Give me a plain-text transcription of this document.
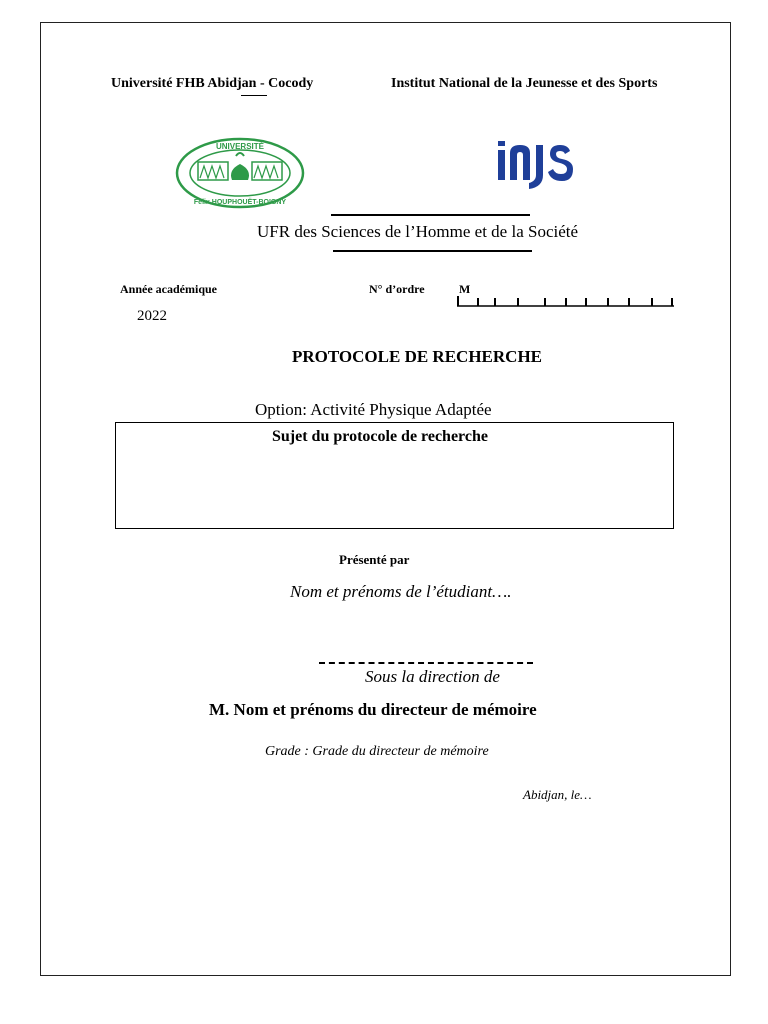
Université FHB Abidjan - Cocody	Institut National de la Jeunesse et des Sports
UNIVERSITÉ
Félix HOUPHOUËT-BOIGNY
UFR des Sciences de l’Homme et de la Société
Année académique
2022
N° d’ordre	M
PROTOCOLE DE RECHERCHE
Option: Activité Physique Adaptée
Sujet du protocole de recherche
Présenté par
Nom et prénoms de l’étudiant….
Sous la direction de
M. Nom et prénoms du directeur de mémoire
Grade : Grade du directeur de mémoire
Abidjan, le…
